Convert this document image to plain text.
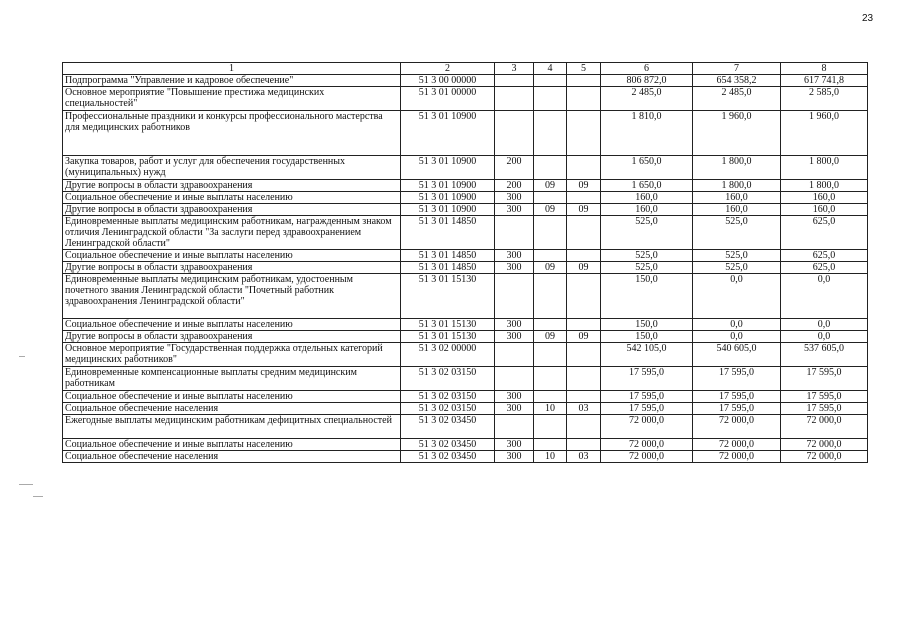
23
1	2	3	4	5	6	7	8
Подпрограмма "Управление и кадровое обеспечение"	51 3 00 00000				806 872,0	654 358,2	617 741,8
Основное мероприятие "Повышение престижа медицинских специальностей"	51 3 01 00000				2 485,0	2 485,0	2 585,0
Профессиональные праздники и конкурсы профессионального мастерства для медицинских работников	51 3 01 10900				1 810,0	1 960,0	1 960,0
Закупка товаров, работ и услуг для обеспечения государственных (муниципальных) нужд	51 3 01 10900	200			1 650,0	1 800,0	1 800,0
Другие вопросы в области здравоохранения	51 3 01 10900	200	09	09	1 650,0	1 800,0	1 800,0
Социальное обеспечение и иные выплаты населению	51 3 01 10900	300			160,0	160,0	160,0
Другие вопросы в области здравоохранения	51 3 01 10900	300	09	09	160,0	160,0	160,0
Единовременные выплаты медицинским работникам, награжденным знаком отличия Ленинградской области "За заслуги перед здравоохранением Ленинградской области"	51 3 01 14850				525,0	525,0	625,0
Социальное обеспечение и иные выплаты населению	51 3 01 14850	300			525,0	525,0	625,0
Другие вопросы в области здравоохранения	51 3 01 14850	300	09	09	525,0	525,0	625,0
Единовременные выплаты медицинским работникам, удостоенным почетного звания Ленинградской области "Почетный работник здравоохранения Ленинградской области"	51 3 01 15130				150,0	0,0	0,0
Социальное обеспечение и иные выплаты населению	51 3 01 15130	300			150,0	0,0	0,0
Другие вопросы в области здравоохранения	51 3 01 15130	300	09	09	150,0	0,0	0,0
Основное мероприятие "Государственная поддержка отдельных категорий медицинских работников"	51 3 02 00000				542 105,0	540 605,0	537 605,0
Единовременные компенсационные выплаты средним медицинским работникам	51 3 02 03150				17 595,0	17 595,0	17 595,0
Социальное обеспечение и иные выплаты населению	51 3 02 03150	300			17 595,0	17 595,0	17 595,0
Социальное обеспечение населения	51 3 02 03150	300	10	03	17 595,0	17 595,0	17 595,0
Ежегодные выплаты медицинским работникам дефицитных специальностей	51 3 02 03450				72 000,0	72 000,0	72 000,0
Социальное обеспечение и иные выплаты населению	51 3 02 03450	300			72 000,0	72 000,0	72 000,0
Социальное обеспечение населения	51 3 02 03450	300	10	03	72 000,0	72 000,0	72 000,0
